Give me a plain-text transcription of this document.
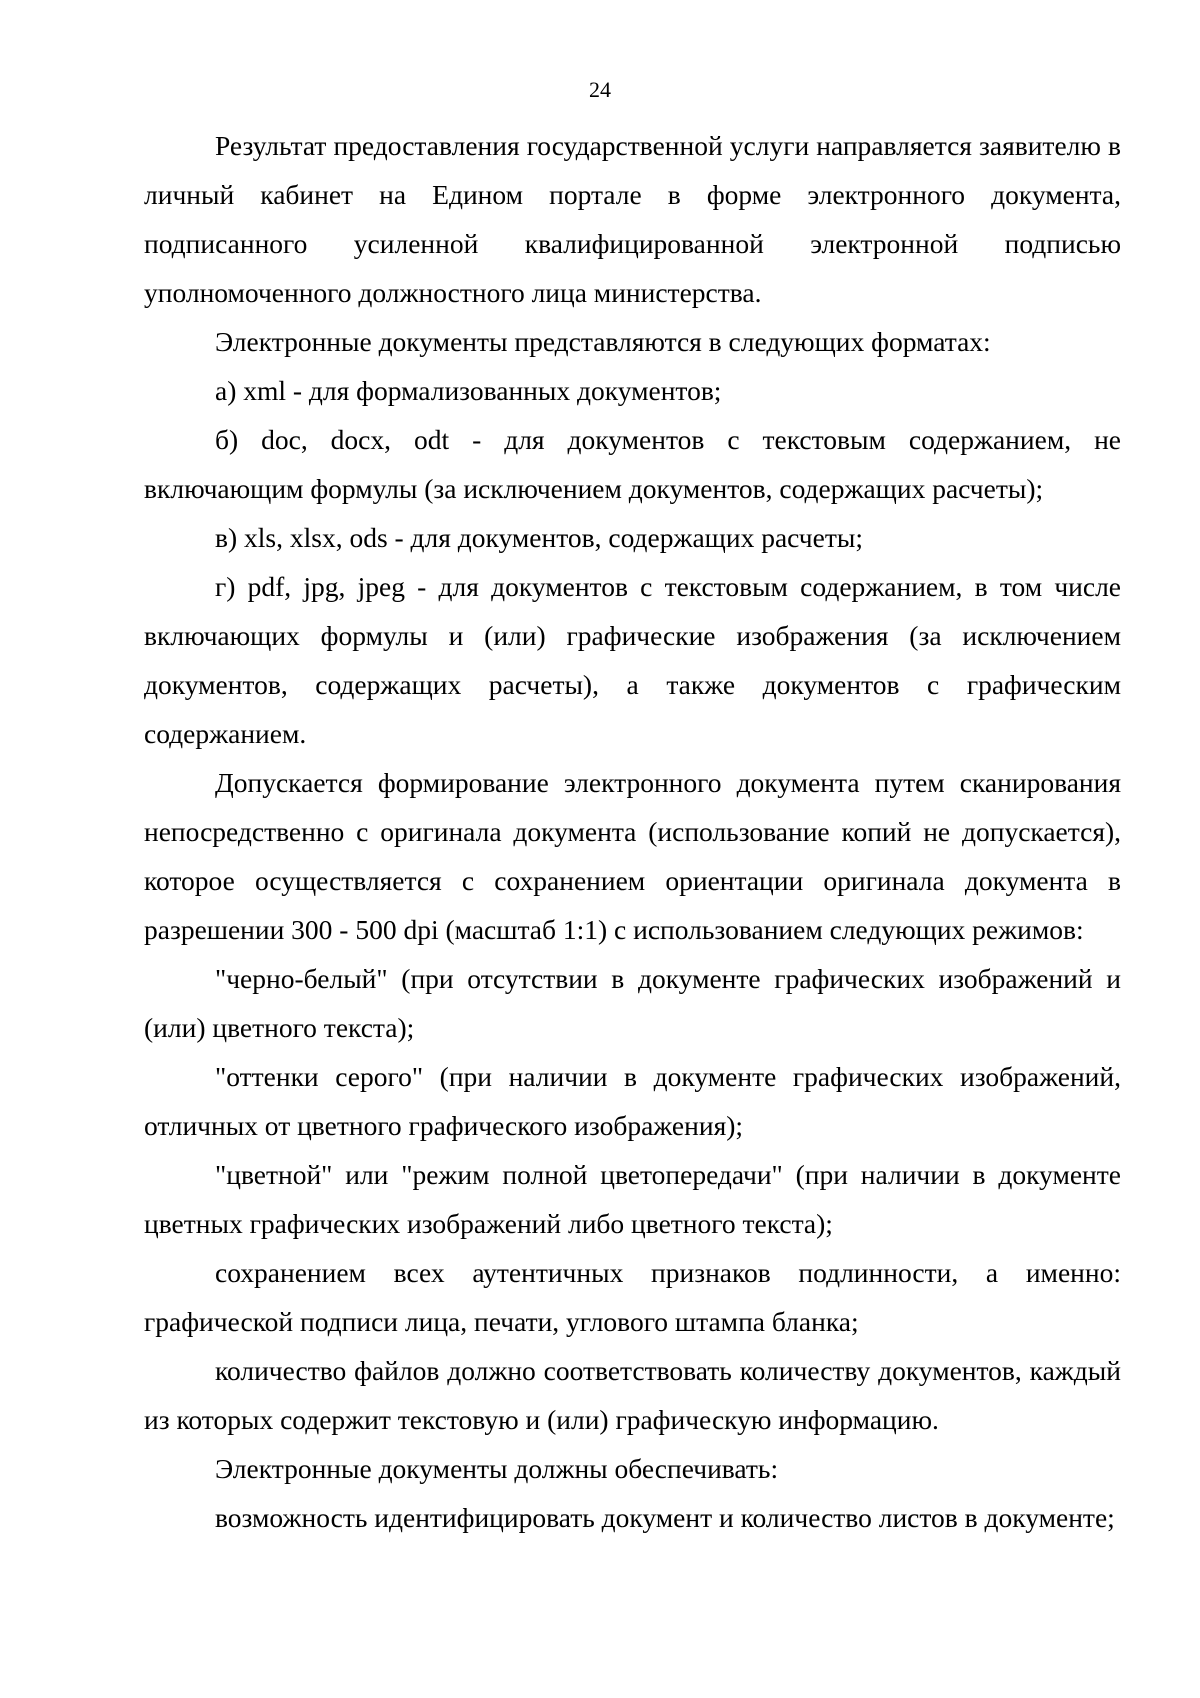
24

Результат предоставления государственной услуги направляется заявителю в личный кабинет на Едином портале в форме электронного документа, подписанного усиленной квалифицированной электронной подписью уполномоченного должностного лица министерства.

Электронные документы представляются в следующих форматах:

а) xml - для формализованных документов;

б) doc, docx, odt - для документов с текстовым содержанием, не включающим формулы (за исключением документов, содержащих расчеты);

в) xls, xlsx, ods - для документов, содержащих расчеты;

г) pdf, jpg, jpeg - для документов с текстовым содержанием, в том числе включающих формулы и (или) графические изображения (за исключением документов, содержащих расчеты), а также документов с графическим содержанием.

Допускается формирование электронного документа путем сканирования непосредственно с оригинала документа (использование копий не допускается), которое осуществляется с сохранением ориентации оригинала документа в разрешении 300 - 500 dpi (масштаб 1:1) с использованием следующих режимов:

"черно-белый" (при отсутствии в документе графических изображений и (или) цветного текста);

"оттенки серого" (при наличии в документе графических изображений, отличных от цветного графического изображения);

"цветной" или "режим полной цветопередачи" (при наличии в документе цветных графических изображений либо цветного текста);

сохранением всех аутентичных признаков подлинности, а именно: графической подписи лица, печати, углового штампа бланка;

количество файлов должно соответствовать количеству документов, каждый из которых содержит текстовую и (или) графическую информацию.

Электронные документы должны обеспечивать:

возможность идентифицировать документ и количество листов в документе;
